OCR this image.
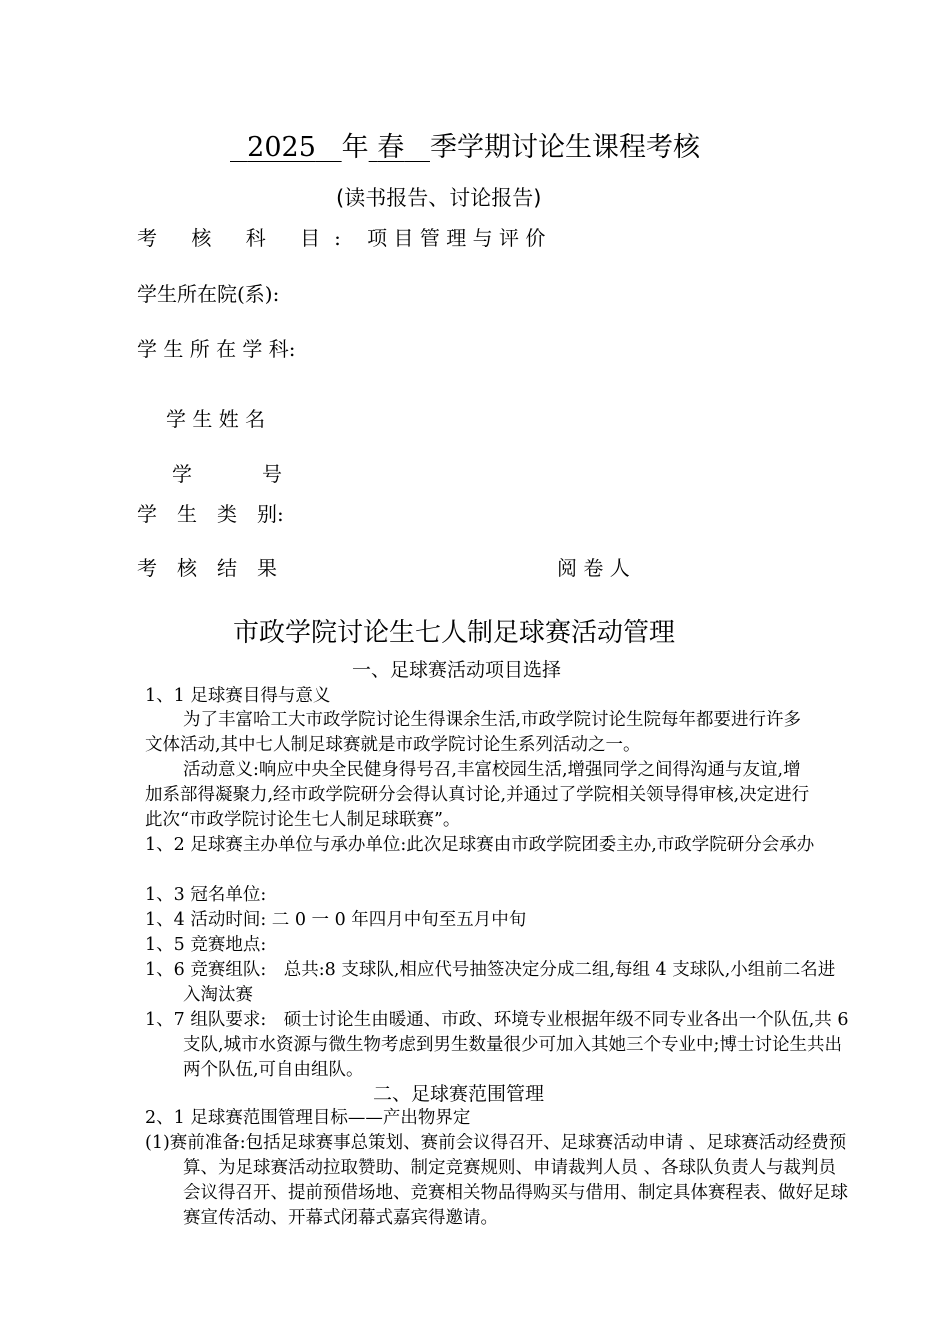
2025 年 春 季学期讨论生课程考核
(读书报告、讨论报告)
考 核 科 目: 项 目 管 理 与 评 价
学生所在院(系):
学 生 所 在 学 科:
学 生 姓 名
学　　号
学　生　类　别:
考　核　结　果	阅 卷 人
市政学院讨论生七人制足球赛活动管理
一、足球赛活动项目选择
1、1 足球赛目得与意义
为了丰富哈工大市政学院讨论生得课余生活,市政学院讨论生院每年都要进行许多文体活动,其中七人制足球赛就是市政学院讨论生系列活动之一。
活动意义:响应中央全民健身得号召,丰富校园生活,增强同学之间得沟通与友谊,增加系部得凝聚力,经市政学院研分会得认真讨论,并通过了学院相关领导得审核,决定进行此次“市政学院讨论生七人制足球联赛”。
1、2 足球赛主办单位与承办单位:此次足球赛由市政学院团委主办,市政学院研分会承办
1、3 冠名单位:
1、4 活动时间: 二 0 一 0 年四月中旬至五月中旬
1、5 竞赛地点:
1、6 竞赛组队:　总共:8 支球队,相应代号抽签决定分成二组,每组 4 支球队,小组前二名进入淘汰赛
1、7 组队要求:　硕士讨论生由暖通、市政、环境专业根据年级不同专业各出一个队伍,共 6 支队,城市水资源与微生物考虑到男生数量很少可加入其她三个专业中;博士讨论生共出两个队伍,可自由组队。
二、足球赛范围管理
2、1 足球赛范围管理目标——产出物界定
(1)赛前准备:包括足球赛事总策划、赛前会议得召开、足球赛活动申请 、足球赛活动经费预算、为足球赛活动拉取赞助、制定竞赛规则、申请裁判人员 、各球队负责人与裁判员会议得召开、提前预借场地、竞赛相关物品得购买与借用、制定具体赛程表、做好足球赛宣传活动、开幕式闭幕式嘉宾得邀请。
